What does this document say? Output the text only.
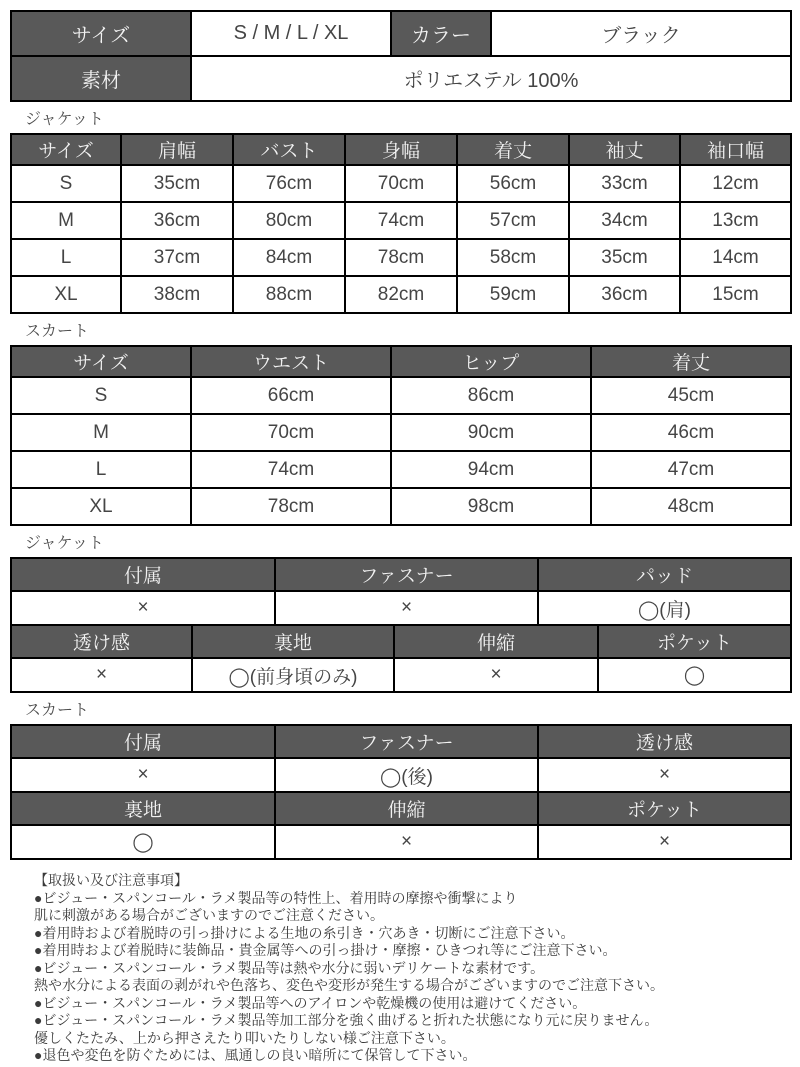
サイズ	S / M / L / XL	カラー	ブラック
素材	ポリエステル 100%		
ジャケット
サイズ	肩幅	バスト	身幅	着丈	袖丈	袖口幅
S	35cm	76cm	70cm	56cm	33cm	12cm
M	36cm	80cm	74cm	57cm	34cm	13cm
L	37cm	84cm	78cm	58cm	35cm	14cm
XL	38cm	88cm	82cm	59cm	36cm	15cm
スカート
サイズ	ウエスト	ヒップ	着丈
S	66cm	86cm	45cm
M	70cm	90cm	46cm
L	74cm	94cm	47cm
XL	78cm	98cm	48cm
ジャケット
付属	ファスナー	パッド
×	×	◯(肩)
透け感	裏地	伸縮	ポケット
×	◯(前身頃のみ)	×	◯
スカート
付属	ファスナー	透け感
×	◯(後)	×
裏地	伸縮	ポケット
◯	×	×
【取扱い及び注意事項】
●ビジュー・スパンコール・ラメ製品等の特性上、着用時の摩擦や衝撃により
肌に刺激がある場合がございますのでご注意ください。
●着用時および着脱時の引っ掛けによる生地の糸引き・穴あき・切断にご注意下さい。
●着用時および着脱時に装飾品・貴金属等への引っ掛け・摩擦・ひきつれ等にご注意下さい。
●ビジュー・スパンコール・ラメ製品等は熱や水分に弱いデリケートな素材です。
熱や水分による表面の剥がれや色落ち、変色や変形が発生する場合がございますのでご注意下さい。
●ビジュー・スパンコール・ラメ製品等へのアイロンや乾燥機の使用は避けてください。
●ビジュー・スパンコール・ラメ製品等加工部分を強く曲げると折れた状態になり元に戻りません。
優しくたたみ、上から押さえたり叩いたりしない様ご注意下さい。
●退色や変色を防ぐためには、風通しの良い暗所にて保管して下さい。
